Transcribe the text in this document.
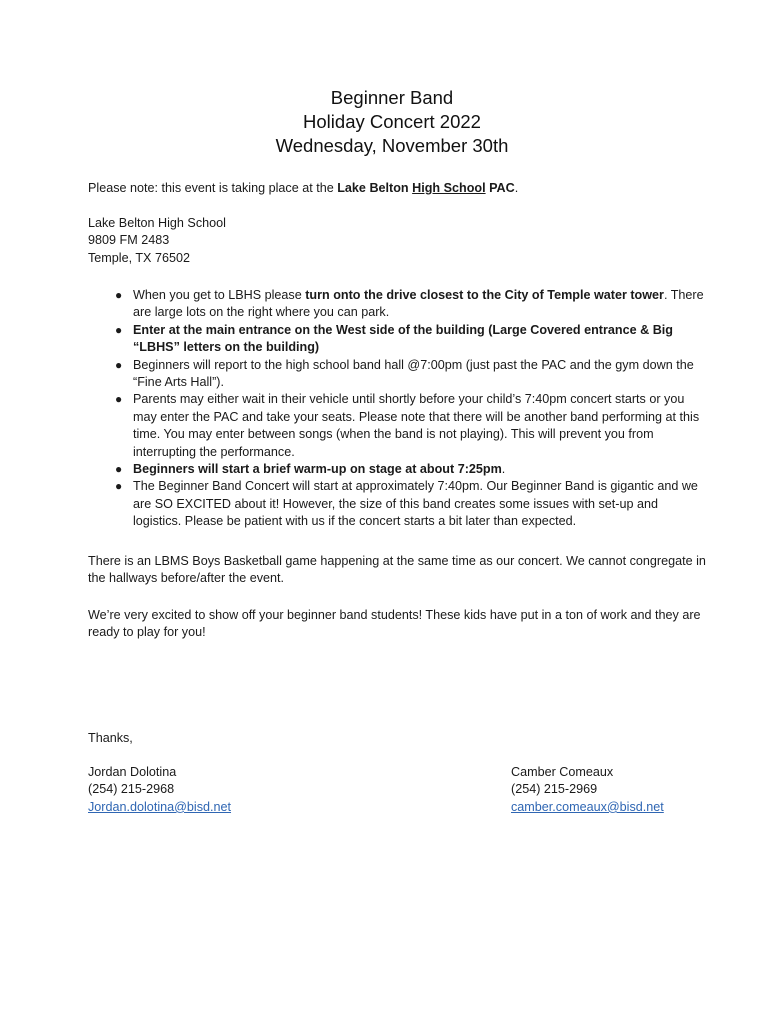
Beginner Band
Holiday Concert 2022
Wednesday, November 30th
Please note: this event is taking place at the Lake Belton High School PAC.
Lake Belton High School
9809 FM 2483
Temple, TX 76502
● When you get to LBHS please turn onto the drive closest to the City of Temple water tower. There are large lots on the right where you can park.
● Enter at the main entrance on the West side of the building (Large Covered entrance & Big “LBHS” letters on the building)
● Beginners will report to the high school band hall @7:00pm (just past the PAC and the gym down the “Fine Arts Hall”).
● Parents may either wait in their vehicle until shortly before your child’s 7:40pm concert starts or you may enter the PAC and take your seats. Please note that there will be another band performing at this time. You may enter between songs (when the band is not playing). This will prevent you from interrupting the performance.
● Beginners will start a brief warm-up on stage at about 7:25pm.
● The Beginner Band Concert will start at approximately 7:40pm. Our Beginner Band is gigantic and we are SO EXCITED about it! However, the size of this band creates some issues with set-up and logistics. Please be patient with us if the concert starts a bit later than expected.
There is an LBMS Boys Basketball game happening at the same time as our concert. We cannot congregate in the hallways before/after the event.
We’re very excited to show off your beginner band students! These kids have put in a ton of work and they are ready to play for you!
Thanks,
Jordan Dolotina
(254) 215-2968
Jordan.dolotina@bisd.net
Camber Comeaux
(254) 215-2969
camber.comeaux@bisd.net
